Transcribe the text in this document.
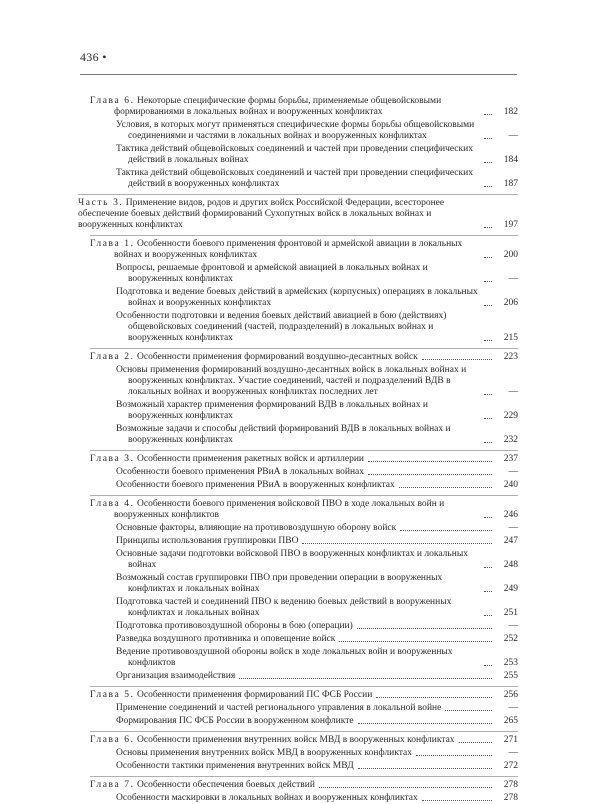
436 •
Глава 6. Некоторые специфические формы борьбы, применяемые общевойсковыми формированиями в локальных войнах и вооруженных конфликтах	182
Условия, в которых могут применяться специфические формы борьбы общевойсковыми соединениями и частями в локальных войнах и вооруженных конфликтах	—
Тактика действий общевойсковых соединений и частей при проведении специфических действий в локальных войнах	184
Тактика действий общевойсковых соединений и частей при проведении специфических действий в вооруженных конфликтах	187
Часть 3. Применение видов, родов и других войск Российской Федерации, всесторонее обеспечение боевых действий формирований Сухопутных войск в локальных войнах и вооруженных конфликтах	197
Глава 1. Особенности боевого применения фронтовой и армейской авиации в локальных войнах и вооруженных конфликтах	200
Вопросы, решаемые фронтовой и армейской авиацией в локальных войнах и вооруженных конфликтах	—
Подготовка и ведение боевых действий в армейских (корпусных) операциях в локальных войнах и вооруженных конфликтах	206
Особенности подготовки и ведения боевых действий авиацией в бою (действиях) общевойсковых соединений (частей, подразделений) в локальных войнах и вооруженных конфликтах	215
Глава 2. Особенности применения формирований воздушно-десантных войск	223
Основы применения формирований воздушно-десантных войск в локальных войнах и вооруженных конфликтах. Участие соединений, частей и подразделений ВДВ в локальных войнах и вооруженных конфликтах последних лет	—
Возможный характер применения формирований ВДВ в локальных войнах и вооруженных конфликтах	229
Возможные задачи и способы действий формирований ВДВ в локальных войнах и вооруженных конфликтах	232
Глава 3. Особенности применения ракетных войск и артиллерии	237
Особенности боевого применения РВиА в локальных войнах	—
Особенности боевого применения РВиА в вооруженных конфликтах	240
Глава 4. Особенности боевого применения войсковой ПВО в ходе локальных войн и вооруженных конфликтов	246
Основные факторы, влияющие на противовоздушную оборону войск	—
Принципы использования группировки ПВО	247
Основные задачи подготовки войсковой ПВО в вооруженных конфликтах и локальных войнах	248
Возможный состав группировки ПВО при проведении операции в вооруженных конфликтах и локальных войнах	249
Подготовка частей и соединений ПВО к ведению боевых действий в вооруженных конфликтах и локальных войнах	251
Подготовка противовоздушной обороны в бою (операции)	—
Разведка воздушного противника и оповещение войск	252
Ведение противовоздушной обороны войск в ходе локальных войн и вооруженных конфликтов	253
Организация взаимодействия	255
Глава 5. Особенности применения формирований ПС ФСБ России	256
Применение соединений и частей регионального управления в локальной войне	—
Формирования ПС ФСБ России в вооруженном конфликте	265
Глава 6. Особенности применения внутренних войск МВД в вооруженных конфликтах	271
Основы применения внутренних войск МВД в вооруженных конфликтах	—
Особенности тактики применения внутренних войск МВД	272
Глава 7. Особенности обеспечения боевых действий	278
Особенности маскировки в локальных войнах и вооруженных конфликтах	278
